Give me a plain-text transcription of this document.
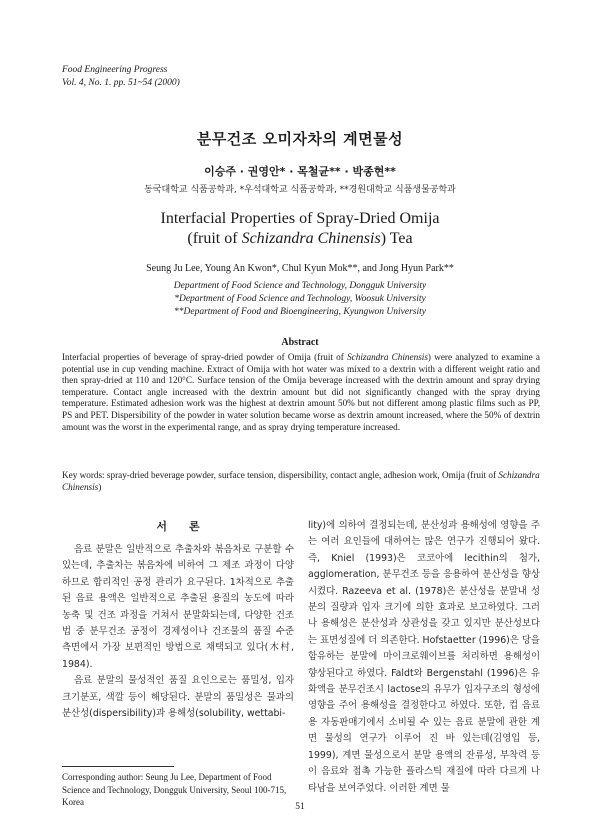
Food Engineering Progress
Vol. 4, No. 1. pp. 51~54 (2000)
분무건조 오미자차의 계면물성
이승주 · 권영안* · 목철균** · 박종현**
동국대학교 식품공학과, *우석대학교 식품공학과, **경원대학교 식품생물공학과
Interfacial Properties of Spray-Dried Omija
(fruit of Schizandra Chinensis) Tea
Seung Ju Lee, Young An Kwon*, Chul Kyun Mok**, and Jong Hyun Park**
Department of Food Science and Technology, Dongguk University
*Department of Food Science and Technology, Woosuk University
**Department of Food and Bioengineering, Kyungwon University
Abstract

Interfacial properties of beverage of spray-dried powder of Omija (fruit of Schizandra Chinensis) were analyzed to examine a potential use in cup vending machine. Extract of Omija with hot water was mixed to a dextrin with a different weight ratio and then spray-dried at 110 and 120°C. Surface tension of the Omija beverage increased with the dextrin amount and spray drying temperature. Contact angle increased with the dextrin amount but did not significantly changed with the spray drying temperature. Estimated adhesion work was the highest at dextrin amount 50% but not different among plastic films such as PP, PS and PET. Dispersibility of the powder in water solution became worse as dextrin amount increased, where the 50% of dextrin amount was the worst in the experimental range, and as spray drying temperature increased.

Key words: spray-dried beverage powder, surface tension, dispersibility, contact angle, adhesion work, Omija (fruit of Schizandra Chinensis)
서론

음료 분말은 일반적으로 추출차와 볶음차로 구분할 수 있는데, 추출차는 볶음차에 비하여 그 제조 과정이 다양하므로 합리적인 공정 관리가 요구된다. 1차적으로 추출된 음료 용액은 일반적으로 추출된 용질의 농도에 따라 농축 및 건조 과정을 거쳐서 분말화되는데, 다양한 건조법 중 분무건조 공정이 경제성이나 건조물의 품질 수준 측면에서 가장 보편적인 방법으로 채택되고 있다(木村, 1984).

음료 분말의 물성적인 품질 요인으로는 품밀성, 입자크기분포, 색깔 등이 해당된다. 분말의 품밀성은 물과의 분산성(dispersibility)과 용해성(solubility, wettabi-

lity)에 의하여 결정되는데, 분산성과 용해성에 영향을 주는 여러 요인들에 대하여는 많은 연구가 진행되어 왔다. 즉, Kniel (1993)은 코코아에 lecithin의 첨가, agglomeration, 분무건조 등을 응용하여 분산성을 향상시켰다. Razeeva et al. (1978)은 분산성을 분말내 성분의 질량과 입자 크기에 의한 효과로 보고하였다. 그러나 용해성은 분산성과 상관성을 갖고 있지만 분산성보다는 표면성질에 더 의존한다. Hofstaetter (1996)은 당을 함유하는 분말에 마이크로웨이브를 처리하면 용해성이 향상된다고 하였다. Faldt와 Bergenstahl (1996)은 유화액을 분무건조시 lactose의 유무가 입자구조의 형성에 영향을 주어 용해성을 결정한다고 하였다. 또한, 컵 음료용 자동판매기에서 소비될 수 있는 음료 분말에 관한 계면 물성의 연구가 이루어 진 바 있는데(김영입 등, 1999), 계면 물성으로서 분말 용액의 잔류성, 부착력 등이 음료와 접촉 가능한 플라스틱 재질에 따라 다르게 나타남을 보여주었다. 이러한 계면 물

Corresponding author: Seung Ju Lee, Department of Food Science and Technology, Dongguk University, Seoul 100-715, Korea	51
